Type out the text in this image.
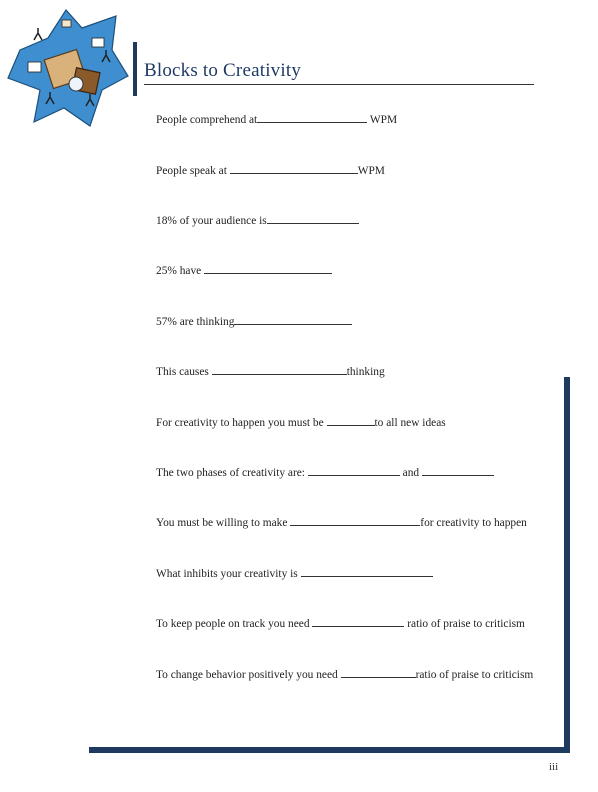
Blocks to Creativity
People comprehend at	WPM
People speak at	WPM
18% of your audience is
25% have
57% are thinking
This causes	thinking
For creativity to happen you must be	to all new ideas
The two phases of creativity are:	and
You must be willing to make	for creativity to happen
What inhibits your creativity is
To keep people on track you need	ratio of praise to criticism
To change behavior positively you need	ratio of praise to criticism
iii
